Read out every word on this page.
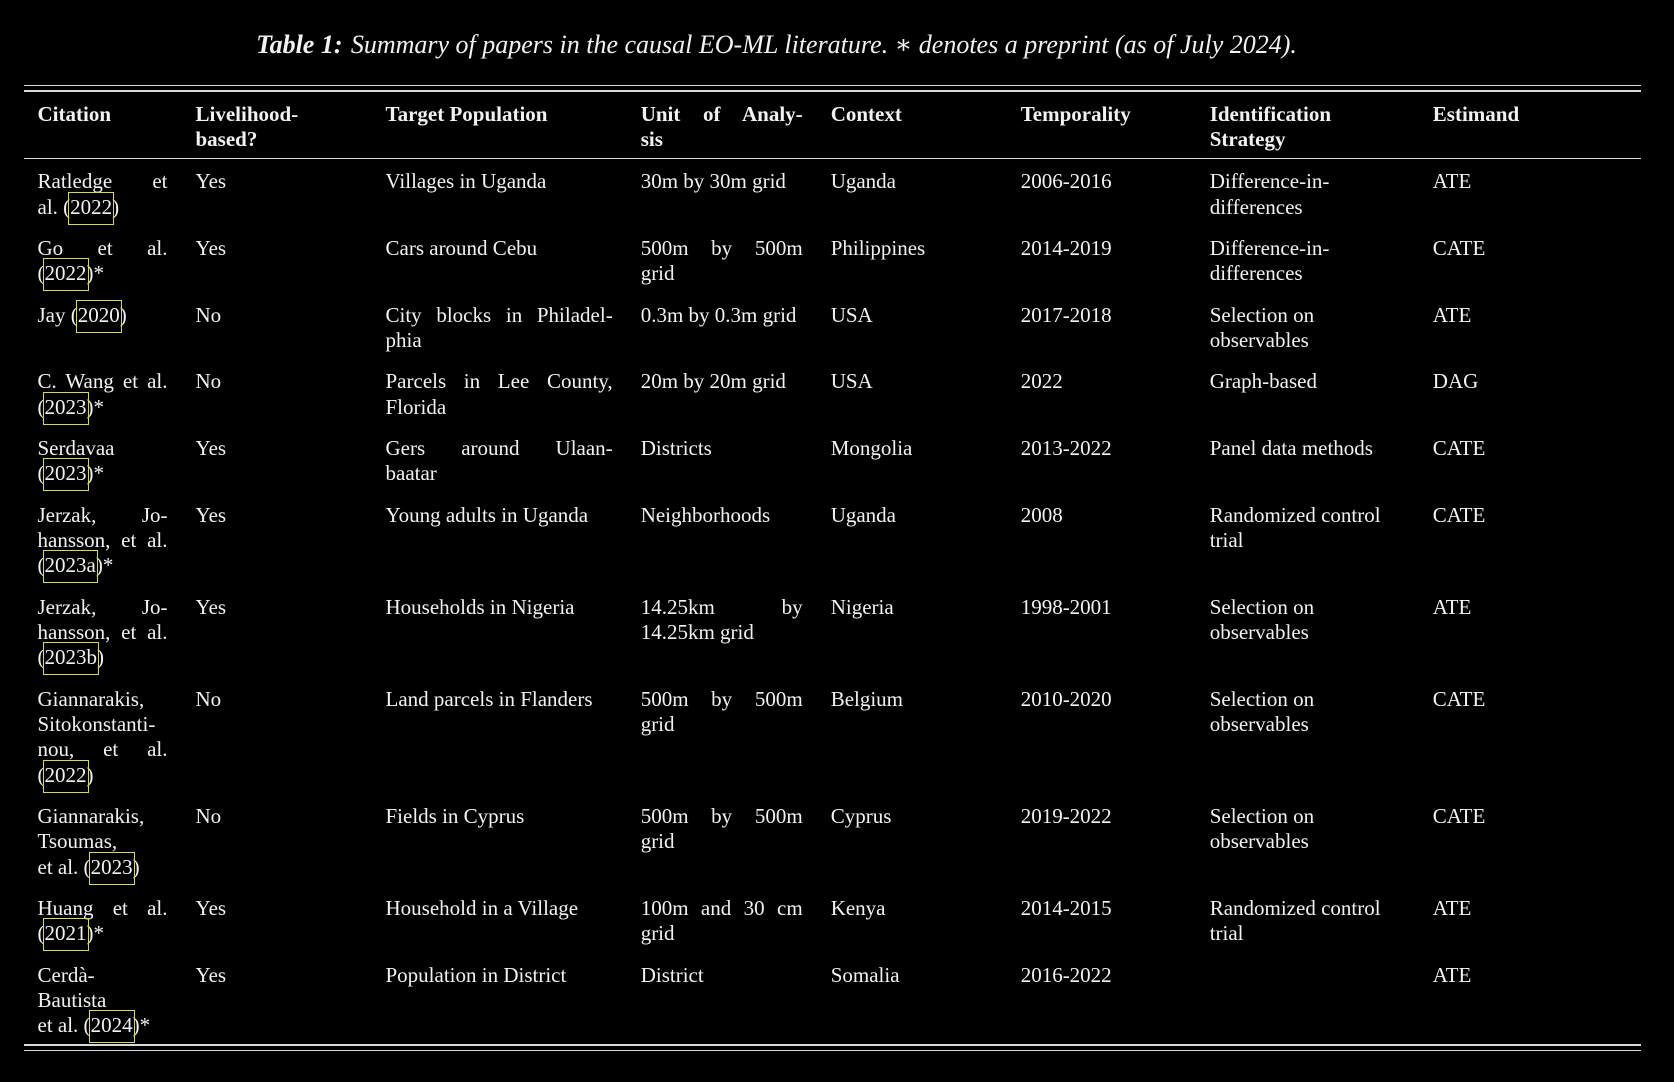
Table 1: Summary of papers in the causal EO-ML literature. ∗ denotes a preprint (as of July 2024).
Citation	Livelihood-
based?	Target Population	Unit of Analy-
sis	Context	Temporality	Identification
Strategy	Estimand

Ratledge et
al. (2022)	Yes	Villages in Uganda	30m by 30m grid	Uganda	2006-2016	Difference-in-
differences	ATE

Go et al.
(2022)*	Yes	Cars around Cebu	500m by 500m
grid	Philippines	2014-2019	Difference-in-
differences	CATE

Jay (2020)	No	City blocks in Philadel-
phia	0.3m by 0.3m grid	USA	2017-2018	Selection on
observables	ATE

C. Wang et al.
(2023)*	No	Parcels in Lee County,
Florida	20m by 20m grid	USA	2022	Graph-based	DAG

Serdavaa
(2023)*	Yes	Gers around Ulaan-
baatar	Districts	Mongolia	2013-2022	Panel data methods	CATE

Jerzak, Jo-
hansson, et al.
(2023a)*	Yes	Young adults in Uganda	Neighborhoods	Uganda	2008	Randomized control
trial	CATE

Jerzak, Jo-
hansson, et al.
(2023b)	Yes	Households in Nigeria	14.25km by
14.25km grid	Nigeria	1998-2001	Selection on
observables	ATE

Giannarakis,
Sitokonstanti-
nou, et al.
(2022)	No	Land parcels in Flanders	500m by 500m
grid	Belgium	2010-2020	Selection on
observables	CATE

Giannarakis,
Tsoumas,
et al. (2023)	No	Fields in Cyprus	500m by 500m
grid	Cyprus	2019-2022	Selection on
observables	CATE

Huang et al.
(2021)*	Yes	Household in a Village	100m and 30 cm
grid	Kenya	2014-2015	Randomized control
trial	ATE

Cerdà-
Bautista
et al. (2024)*	Yes	Population in District	District	Somalia	2016-2022		ATE
